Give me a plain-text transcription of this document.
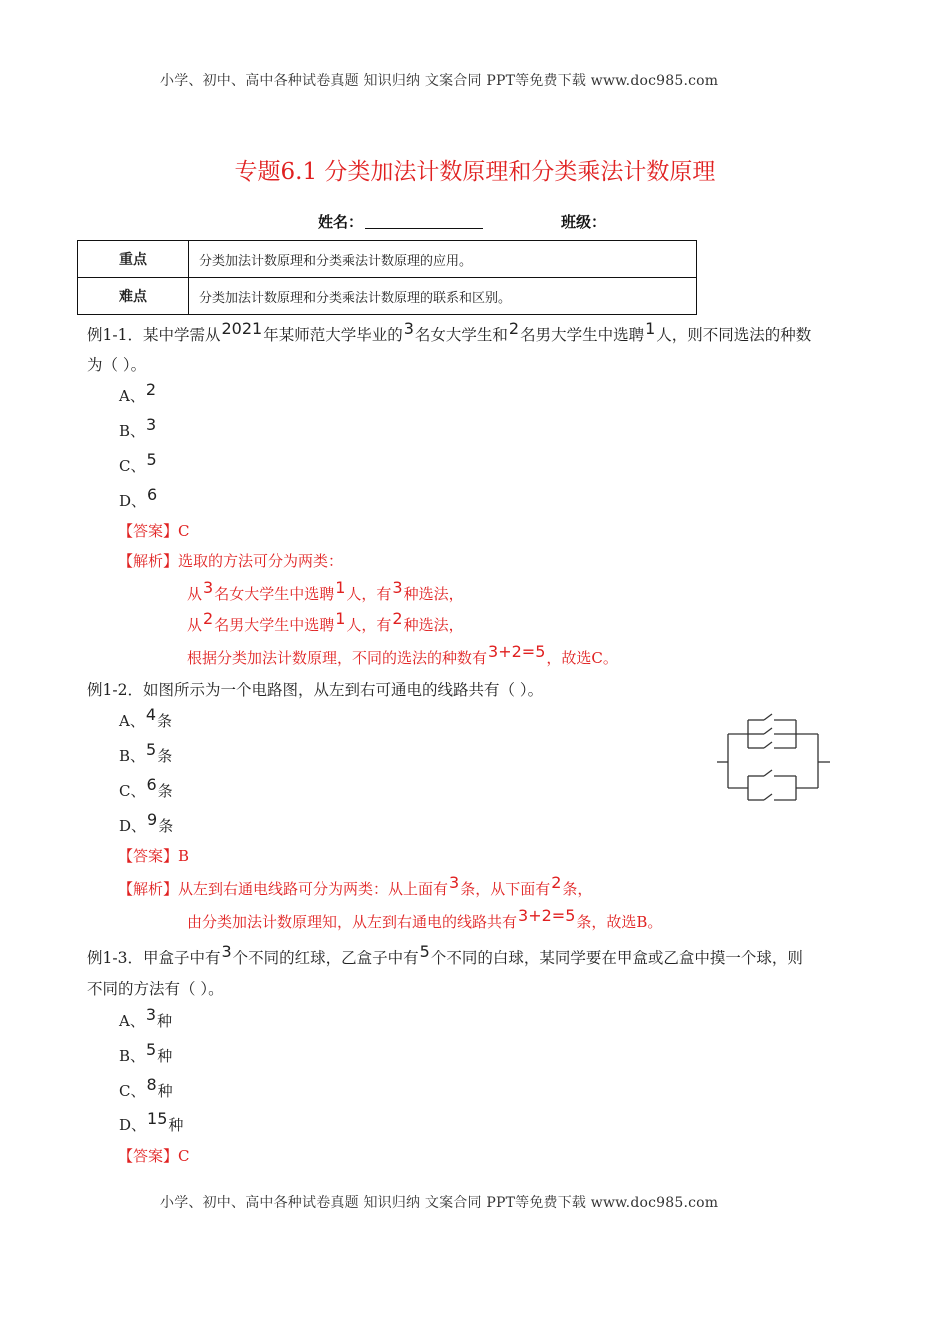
小学、初中、高中各种试卷真题 知识归纳 文案合同 PPT等免费下载 www.doc985.com
专题6.1 分类加法计数原理和分类乘法计数原理
姓名：	班级：
重点	分类加法计数原理和分类乘法计数原理的应用。
难点	分类加法计数原理和分类乘法计数原理的联系和区别。
例1-1．某中学需从2021年某师范大学毕业的3名女大学生和2名男大学生中选聘1人，则不同选法的种数
为（ ）。
A、2
B、3
C、5
D、6
【答案】C
【解析】选取的方法可分为两类：
从3名女大学生中选聘1人，有3种选法，
从2名男大学生中选聘1人，有2种选法，
根据分类加法计数原理，不同的选法的种数有3+2=5，故选C。
例1-2．如图所示为一个电路图，从左到右可通电的线路共有（ ）。
A、4条
B、5条
C、6条
D、9条
【答案】B
【解析】从左到右通电线路可分为两类：从上面有3条，从下面有2条，
由分类加法计数原理知，从左到右通电的线路共有3+2=5条，故选B。
例1-3．甲盒子中有3个不同的红球，乙盒子中有5个不同的白球，某同学要在甲盒或乙盒中摸一个球，则
不同的方法有（ ）。
A、3种
B、5种
C、8种
D、15种
【答案】C
小学、初中、高中各种试卷真题 知识归纳 文案合同 PPT等免费下载 www.doc985.com
